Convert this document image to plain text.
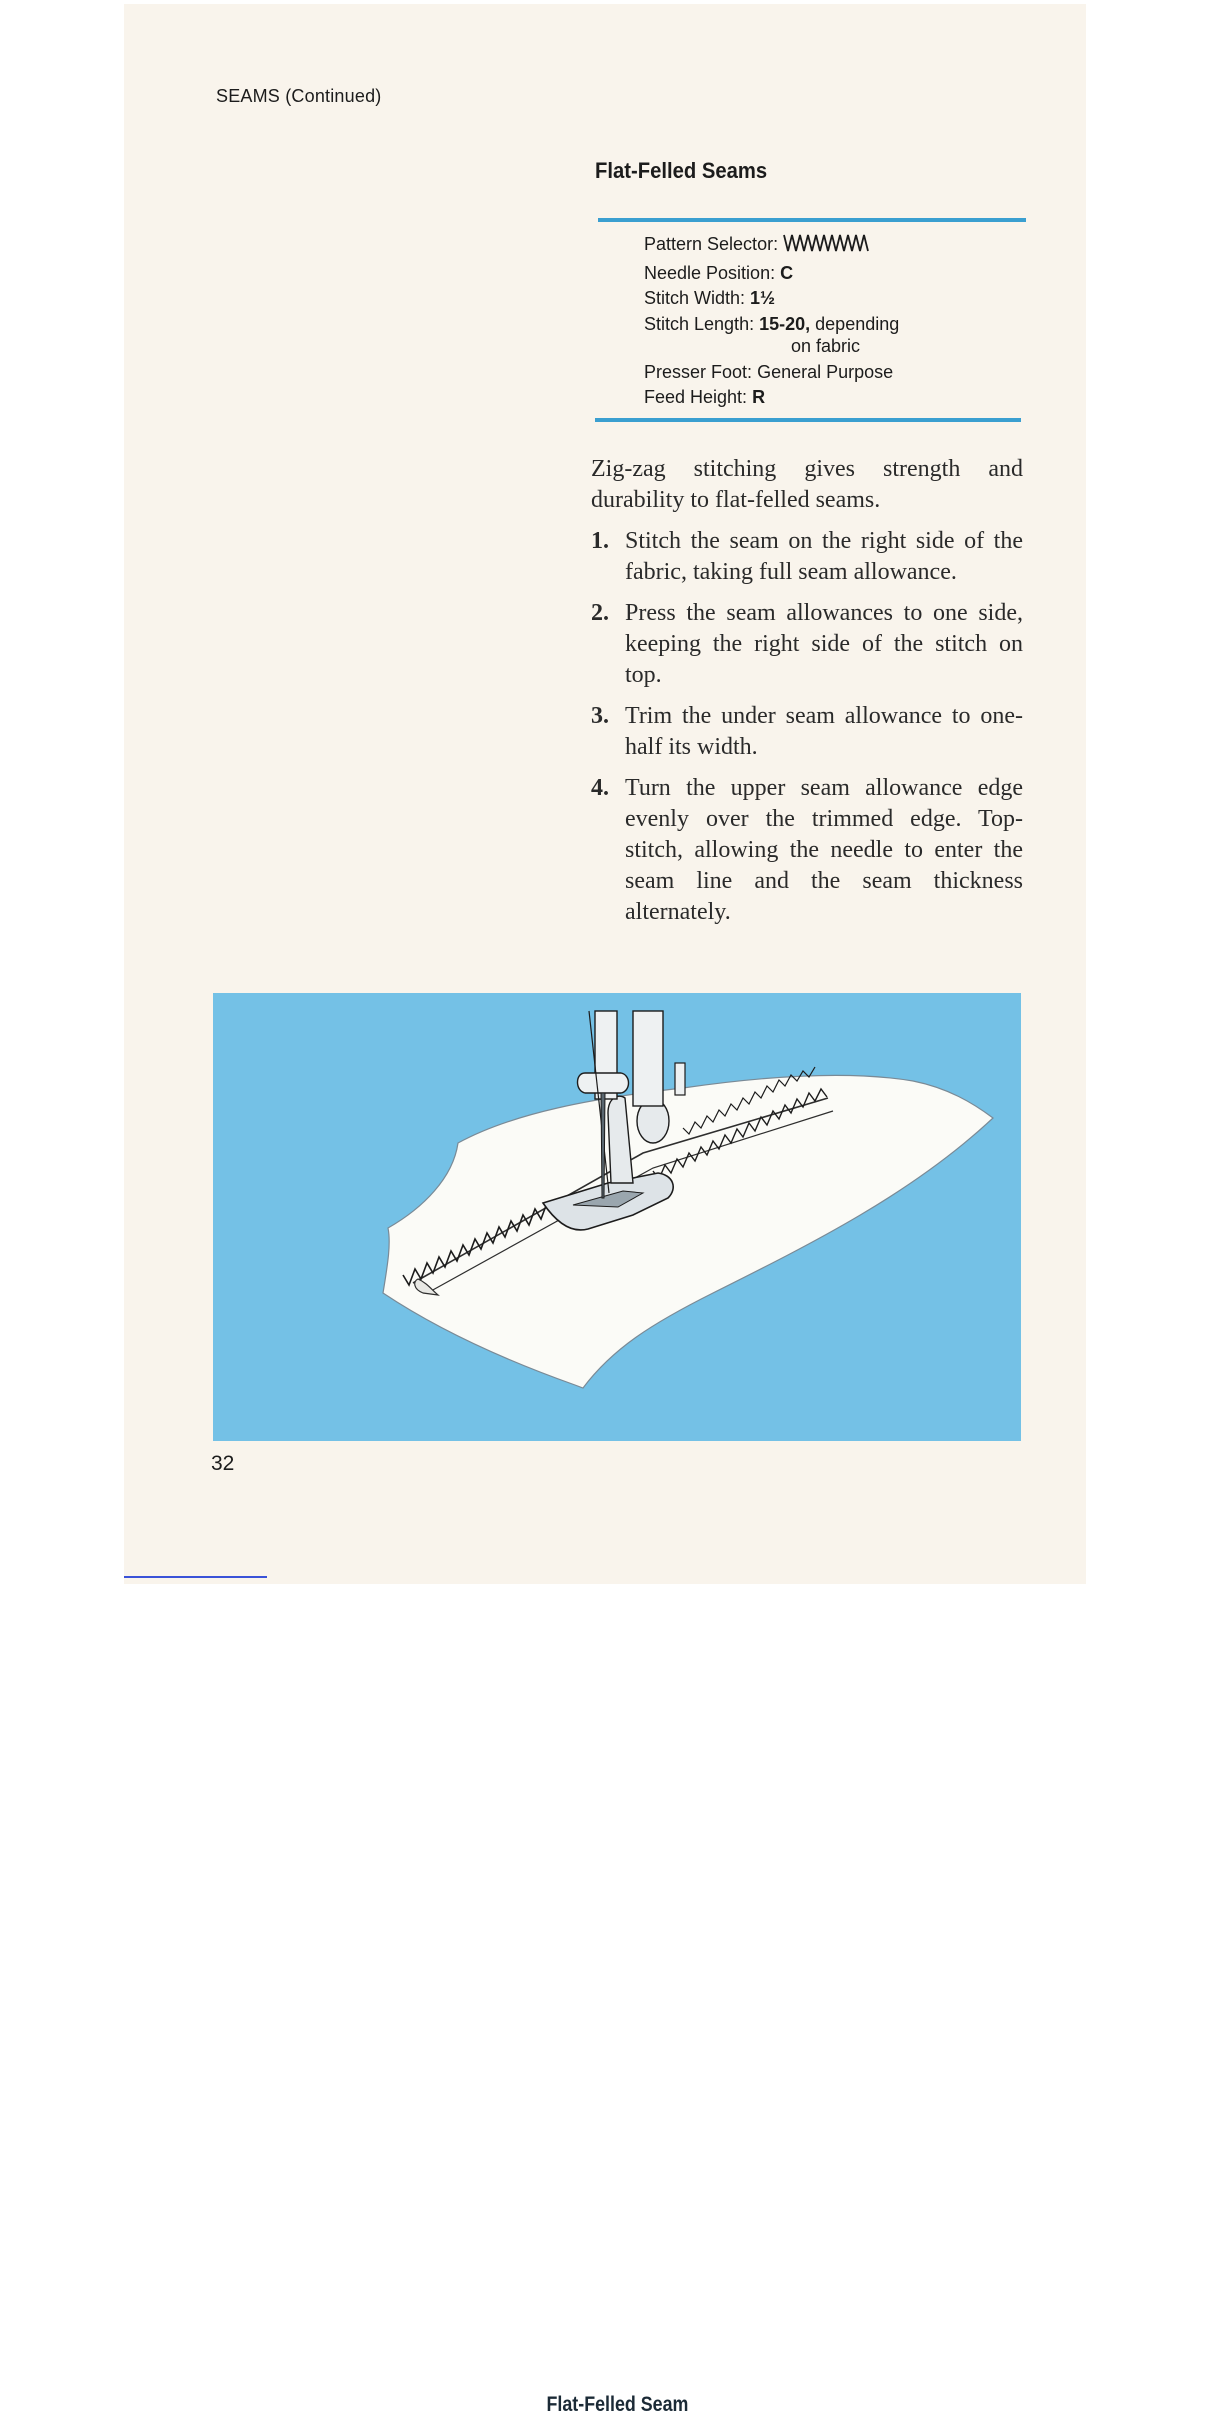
SEAMS (Continued)
Flat-Felled Seams
Pattern Selector:
Needle Position: C
Stitch Width: 1½
Stitch Length: 15-20, depending
on fabric
Presser Foot: General Purpose
Feed Height: R

Zig-zag stitching gives strength and durability to flat-felled seams.

1. Stitch the seam on the right side of the fabric, taking full seam allowance.
2. Press the seam allowances to one side, keeping the right side of the stitch on top.
3. Trim the under seam allowance to one-half its width.
4. Turn the upper seam allowance edge evenly over the trimmed edge. Top-stitch, allowing the needle to enter the seam line and the seam thickness alternately.
Flat-Felled Seam
32
